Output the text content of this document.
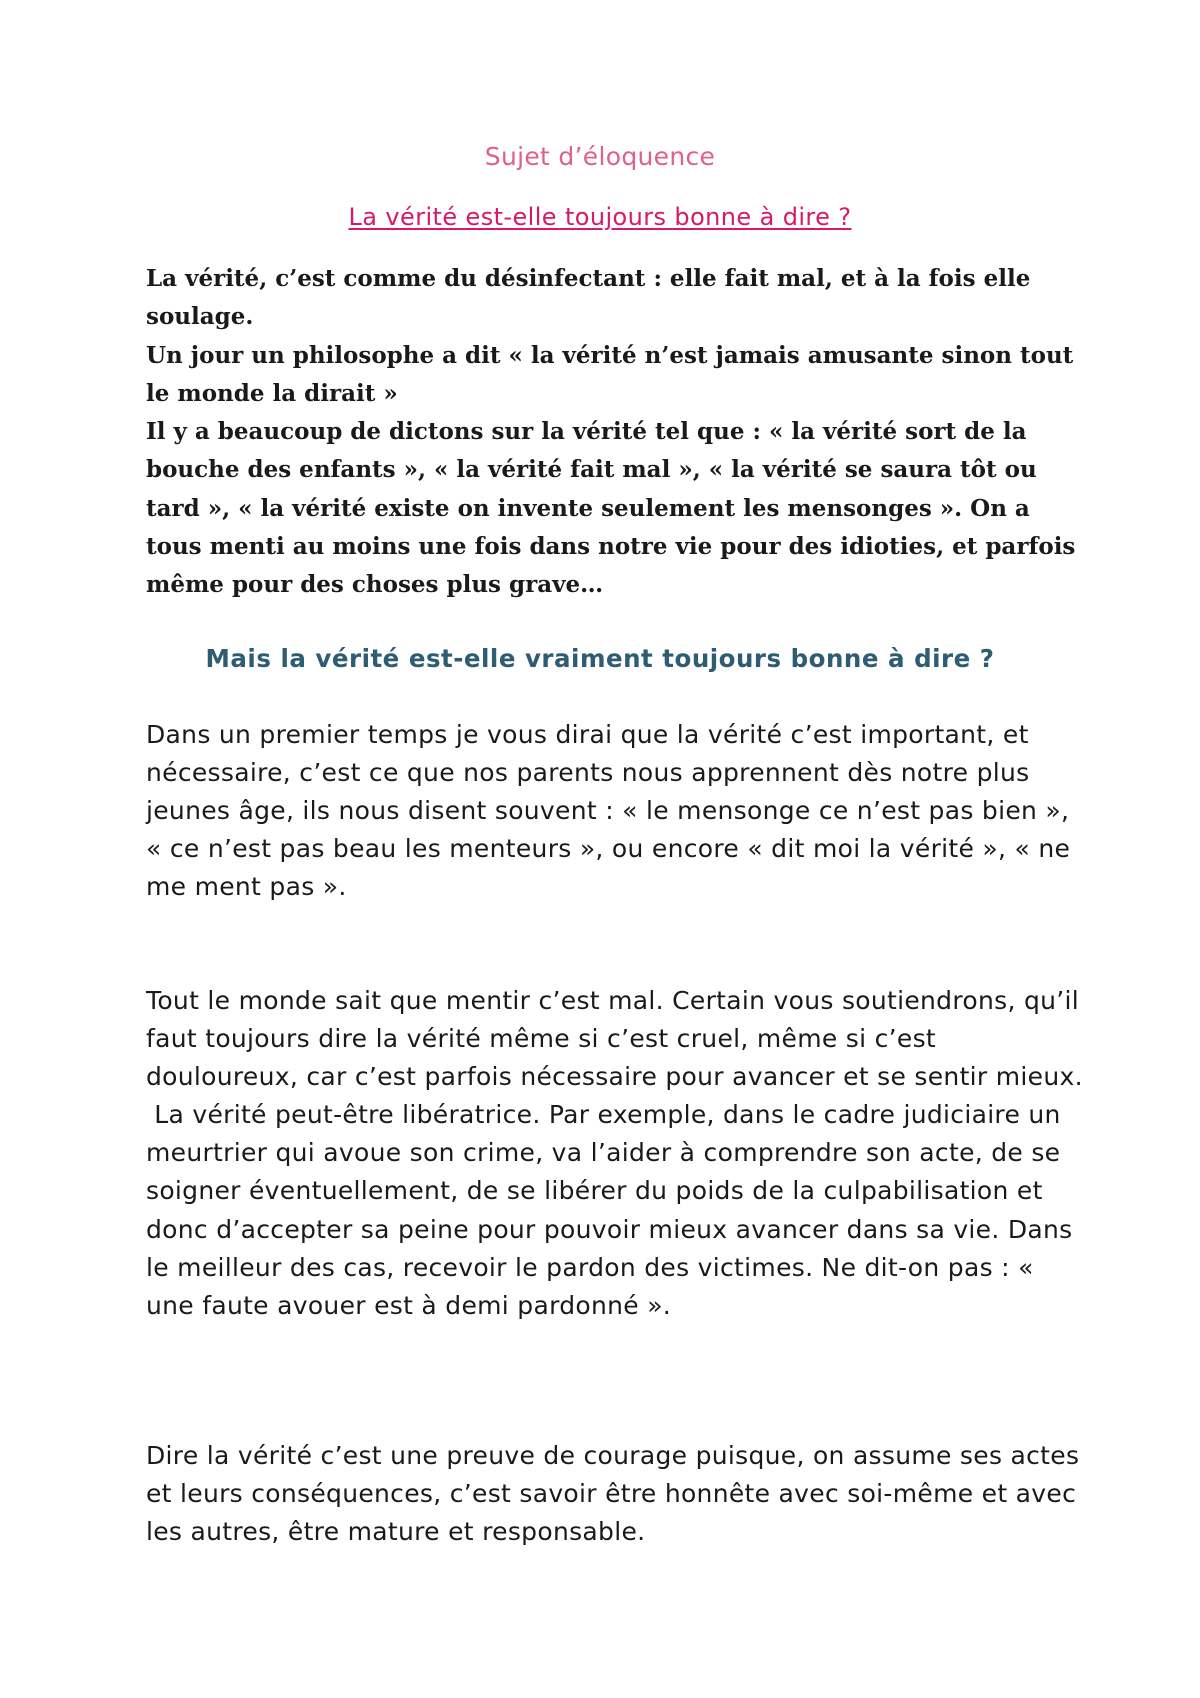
Sujet d’éloquence
La vérité est-elle toujours bonne à dire ?

La vérité, c’est comme du désinfectant : elle fait mal, et à la fois elle soulage.

Un jour un philosophe a dit « la vérité n’est jamais amusante sinon tout le monde la dirait »

Il y a beaucoup de dictons sur la vérité tel que : « la vérité sort de la bouche des enfants », « la vérité fait mal », « la vérité se saura tôt ou tard », « la vérité existe on invente seulement les mensonges ». On a tous menti au moins une fois dans notre vie pour des idioties, et parfois même pour des choses plus grave…

Mais la vérité est-elle vraiment toujours bonne à dire ?

Dans un premier temps je vous dirai que la vérité c’est important, et nécessaire, c’est ce que nos parents nous apprennent dès notre plus jeunes âge, ils nous disent souvent : « le mensonge ce n’est pas bien », « ce n’est pas beau les menteurs », ou encore « dit moi la vérité », « ne me ment pas ».

Tout le monde sait que mentir c’est mal. Certain vous soutiendrons, qu’il faut toujours dire la vérité même si c’est cruel, même si c’est douloureux, car c’est parfois nécessaire pour avancer et se sentir mieux.

La vérité peut-être libératrice. Par exemple, dans le cadre judiciaire un meurtrier qui avoue son crime, va l’aider à comprendre son acte, de se soigner éventuellement, de se libérer du poids de la culpabilisation et donc d’accepter sa peine pour pouvoir mieux avancer dans sa vie. Dans le meilleur des cas, recevoir le pardon des victimes. Ne dit-on pas : « une faute avouer est à demi pardonné ».

Dire la vérité c’est une preuve de courage puisque, on assume ses actes et leurs conséquences, c’est savoir être honnête avec soi-même et avec les autres, être mature et responsable.
